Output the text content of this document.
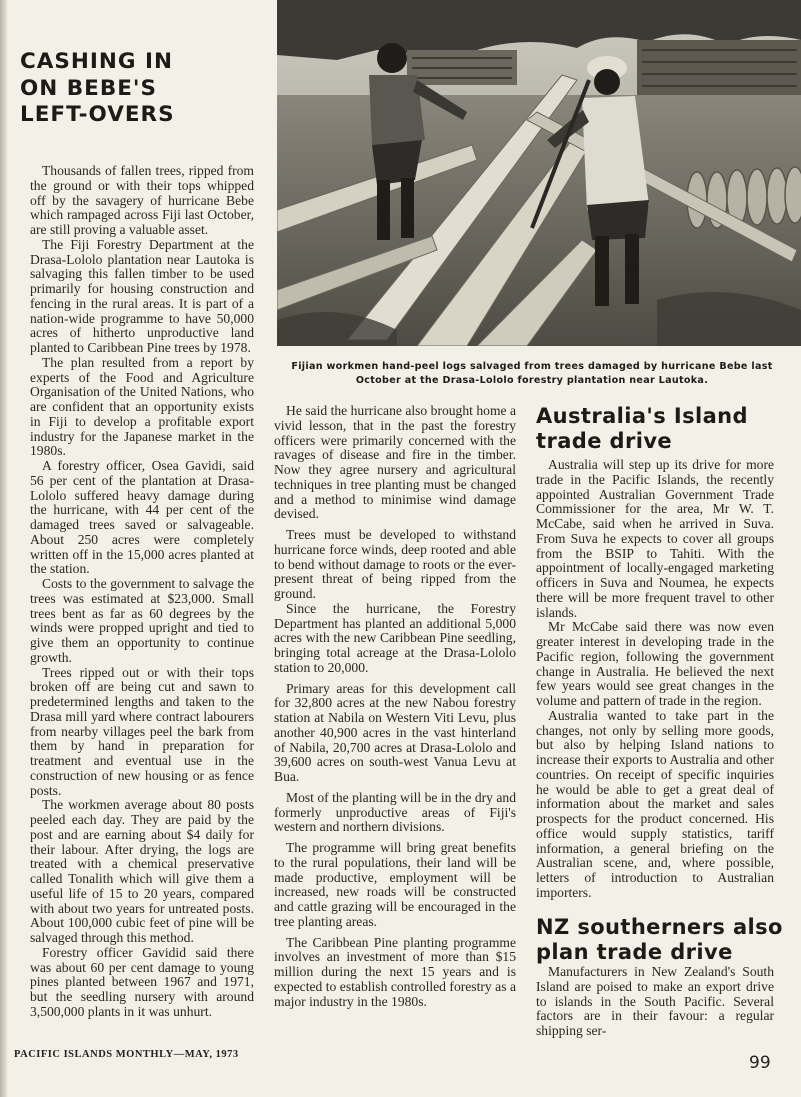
CASHING IN
ON BEBE'S
LEFT-OVERS

Thousands of fallen trees, ripped from the ground or with their tops whipped off by the savagery of hurricane Bebe which rampaged across Fiji last October, are still proving a valuable asset.

The Fiji Forestry Department at the Drasa-Lololo plantation near Lautoka is salvaging this fallen timber to be used primarily for housing construction and fencing in the rural areas. It is part of a nation-wide programme to have 50,000 acres of hitherto unproductive land planted to Caribbean Pine trees by 1978.

The plan resulted from a report by experts of the Food and Agriculture Organisation of the United Nations, who are confident that an opportunity exists in Fiji to develop a profitable export industry for the Japanese market in the 1980s.

A forestry officer, Osea Gavidi, said 56 per cent of the plantation at Drasa-Lololo suffered heavy damage during the hurricane, with 44 per cent of the damaged trees saved or salvageable. About 250 acres were completely written off in the 15,000 acres planted at the station.

Costs to the government to salvage the trees was estimated at $23,000. Small trees bent as far as 60 degrees by the winds were propped upright and tied to give them an opportunity to continue growth.

Trees ripped out or with their tops broken off are being cut and sawn to predetermined lengths and taken to the Drasa mill yard where contract labourers from nearby villages peel the bark from them by hand in preparation for treatment and eventual use in the construction of new housing or as fence posts.

The workmen average about 80 posts peeled each day. They are paid by the post and are earning about $4 daily for their labour. After drying, the logs are treated with a chemical preservative called Tonalith which will give them a useful life of 15 to 20 years, compared with about two years for untreated posts. About 100,000 cubic feet of pine will be salvaged through this method.

Forestry officer Gavidid said there was about 60 per cent damage to young pines planted between 1967 and 1971, but the seedling nursery with around 3,500,000 plants in it was unhurt.

Fijian workmen hand-peel logs salvaged from trees damaged by hurricane Bebe last October at the Drasa-Lololo forestry plantation near Lautoka.

He said the hurricane also brought home a vivid lesson, that in the past the forestry officers were primarily concerned with the ravages of disease and fire in the timber. Now they agree nursery and agricultural techniques in tree planting must be changed and a method to minimise wind damage devised.

Trees must be developed to withstand hurricane force winds, deep rooted and able to bend without damage to roots or the ever-present threat of being ripped from the ground.

Since the hurricane, the Forestry Department has planted an additional 5,000 acres with the new Caribbean Pine seedling, bringing total acreage at the Drasa-Lololo station to 20,000.

Primary areas for this development call for 32,800 acres at the new Nabou forestry station at Nabila on Western Viti Levu, plus another 40,900 acres in the vast hinterland of Nabila, 20,700 acres at Drasa-Lololo and 39,600 acres on south-west Vanua Levu at Bua.

Most of the planting will be in the dry and formerly unproductive areas of Fiji's western and northern divisions.

The programme will bring great benefits to the rural populations, their land will be made productive, employment will be increased, new roads will be constructed and cattle grazing will be encouraged in the tree planting areas.

The Caribbean Pine planting programme involves an investment of more than $15 million during the next 15 years and is expected to establish controlled forestry as a major industry in the 1980s.

Australia's Island
trade drive

Australia will step up its drive for more trade in the Pacific Islands, the recently appointed Australian Government Trade Commissioner for the area, Mr W. T. McCabe, said when he arrived in Suva. From Suva he expects to cover all groups from the BSIP to Tahiti. With the appointment of locally-engaged marketing officers in Suva and Noumea, he expects there will be more frequent travel to other islands.

Mr McCabe said there was now even greater interest in developing trade in the Pacific region, following the government change in Australia. He believed the next few years would see great changes in the volume and pattern of trade in the region.

Australia wanted to take part in the changes, not only by selling more goods, but also by helping Island nations to increase their exports to Australia and other countries. On receipt of specific inquiries he would be able to get a great deal of information about the market and sales prospects for the product concerned. His office would supply statistics, tariff information, a general briefing on the Australian scene, and, where possible, letters of introduction to Australian importers.

NZ southerners also
plan trade drive

Manufacturers in New Zealand's South Island are poised to make an export drive to islands in the South Pacific. Several factors are in their favour: a regular shipping ser-

PACIFIC ISLANDS MONTHLY—MAY, 1973	99
